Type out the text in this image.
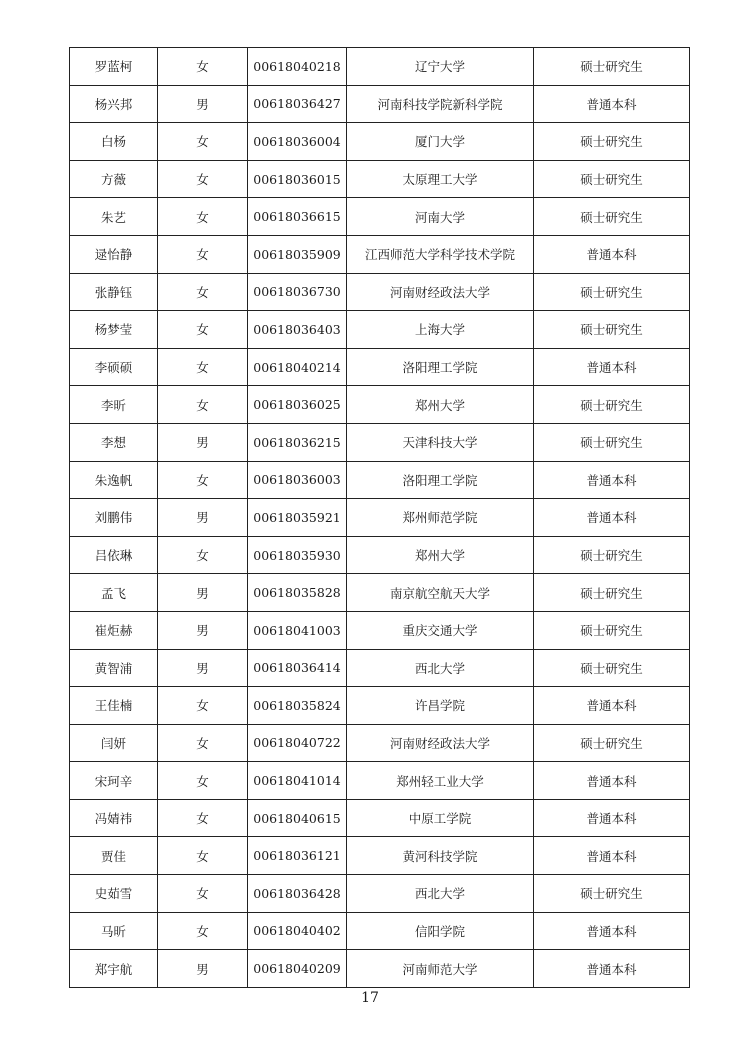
罗蓝柯	女	00618040218	辽宁大学	硕士研究生
杨兴邦	男	00618036427	河南科技学院新科学院	普通本科
白杨	女	00618036004	厦门大学	硕士研究生
方薇	女	00618036015	太原理工大学	硕士研究生
朱艺	女	00618036615	河南大学	硕士研究生
逯怡静	女	00618035909	江西师范大学科学技术学院	普通本科
张静钰	女	00618036730	河南财经政法大学	硕士研究生
杨梦莹	女	00618036403	上海大学	硕士研究生
李硕硕	女	00618040214	洛阳理工学院	普通本科
李昕	女	00618036025	郑州大学	硕士研究生
李想	男	00618036215	天津科技大学	硕士研究生
朱逸帆	女	00618036003	洛阳理工学院	普通本科
刘鹏伟	男	00618035921	郑州师范学院	普通本科
吕依琳	女	00618035930	郑州大学	硕士研究生
孟飞	男	00618035828	南京航空航天大学	硕士研究生
崔炬赫	男	00618041003	重庆交通大学	硕士研究生
黄智浦	男	00618036414	西北大学	硕士研究生
王佳楠	女	00618035824	许昌学院	普通本科
闫妍	女	00618040722	河南财经政法大学	硕士研究生
宋珂辛	女	00618041014	郑州轻工业大学	普通本科
冯婧祎	女	00618040615	中原工学院	普通本科
贾佳	女	00618036121	黄河科技学院	普通本科
史茹雪	女	00618036428	西北大学	硕士研究生
马昕	女	00618040402	信阳学院	普通本科
郑宇航	男	00618040209	河南师范大学	普通本科
17
